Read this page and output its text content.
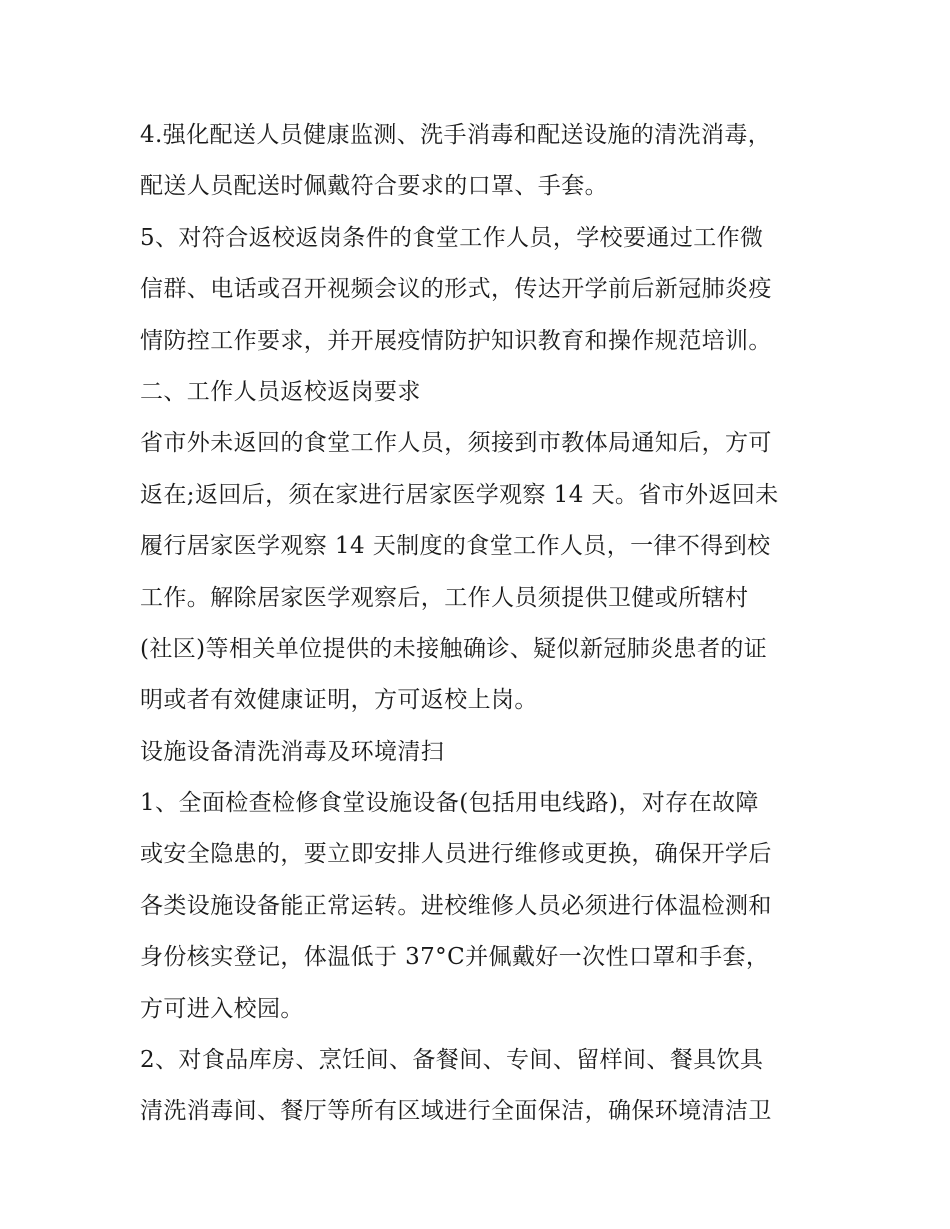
4.强化配送人员健康监测、洗手消毒和配送设施的清洗消毒，
配送人员配送时佩戴符合要求的口罩、手套。
5、对符合返校返岗条件的食堂工作人员，学校要通过工作微
信群、电话或召开视频会议的形式，传达开学前后新冠肺炎疫
情防控工作要求，并开展疫情防护知识教育和操作规范培训。
二、工作人员返校返岗要求
省市外未返回的食堂工作人员，须接到市教体局通知后，方可
返在;返回后，须在家进行居家医学观察 14 天。省市外返回未
履行居家医学观察 14 天制度的食堂工作人员，一律不得到校
工作。解除居家医学观察后，工作人员须提供卫健或所辖村
(社区)等相关单位提供的未接触确诊、疑似新冠肺炎患者的证
明或者有效健康证明，方可返校上岗。
设施设备清洗消毒及环境清扫
1、全面检查检修食堂设施设备(包括用电线路)，对存在故障
或安全隐患的，要立即安排人员进行维修或更换，确保开学后
各类设施设备能正常运转。进校维修人员必须进行体温检测和
身份核实登记，体温低于 37°C并佩戴好一次性口罩和手套，
方可进入校园。
2、对食品库房、烹饪间、备餐间、专间、留样间、餐具饮具
清洗消毒间、餐厅等所有区域进行全面保洁，确保环境清洁卫
